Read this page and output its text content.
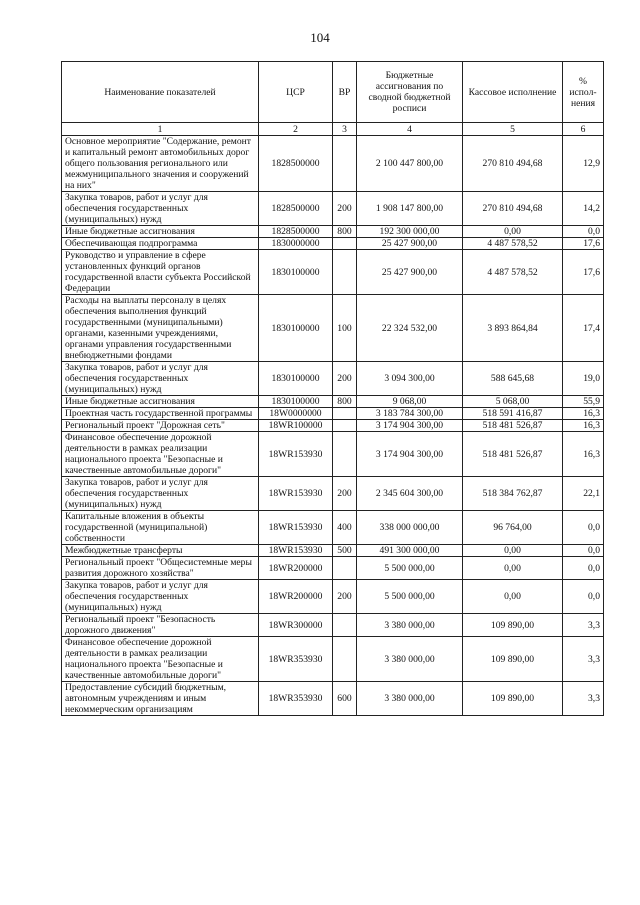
104
Наименование показателей	ЦСР	ВР	Бюджетные ассигнования по сводной бюджетной росписи	Кассовое исполнение	% испол-нения
1	2	3	4	5	6
Основное мероприятие "Содержание, ремонт и капитальный ремонт автомобильных дорог общего пользования регионального или межмуниципального значения и сооружений на них"	1828500000		2 100 447 800,00	270 810 494,68	12,9
Закупка товаров, работ и услуг для обеспечения государственных (муниципальных) нужд	1828500000	200	1 908 147 800,00	270 810 494,68	14,2
Иные бюджетные ассигнования	1828500000	800	192 300 000,00	0,00	0,0
Обеспечивающая подпрограмма	1830000000		25 427 900,00	4 487 578,52	17,6
Руководство и управление в сфере установленных функций органов государственной власти субъекта Российской Федерации	1830100000		25 427 900,00	4 487 578,52	17,6
Расходы на выплаты персоналу в целях обеспечения выполнения функций государственными (муниципальными) органами, казенными учреждениями, органами управления государственными внебюджетными фондами	1830100000	100	22 324 532,00	3 893 864,84	17,4
Закупка товаров, работ и услуг для обеспечения государственных (муниципальных) нужд	1830100000	200	3 094 300,00	588 645,68	19,0
Иные бюджетные ассигнования	1830100000	800	9 068,00	5 068,00	55,9
Проектная часть государственной программы	18W0000000		3 183 784 300,00	518 591 416,87	16,3
Региональный проект "Дорожная сеть"	18WR100000		3 174 904 300,00	518 481 526,87	16,3
Финансовое обеспечение дорожной деятельности в рамках реализации национального проекта "Безопасные и качественные автомобильные дороги"	18WR153930		3 174 904 300,00	518 481 526,87	16,3
Закупка товаров, работ и услуг для обеспечения государственных (муниципальных) нужд	18WR153930	200	2 345 604 300,00	518 384 762,87	22,1
Капитальные вложения в объекты государственной (муниципальной) собственности	18WR153930	400	338 000 000,00	96 764,00	0,0
Межбюджетные трансферты	18WR153930	500	491 300 000,00	0,00	0,0
Региональный проект "Общесистемные меры развития дорожного хозяйства"	18WR200000		5 500 000,00	0,00	0,0
Закупка товаров, работ и услуг для обеспечения государственных (муниципальных) нужд	18WR200000	200	5 500 000,00	0,00	0,0
Региональный проект "Безопасность дорожного движения"	18WR300000		3 380 000,00	109 890,00	3,3
Финансовое обеспечение дорожной деятельности в рамках реализации национального проекта "Безопасные и качественные автомобильные дороги"	18WR353930		3 380 000,00	109 890,00	3,3
Предоставление субсидий бюджетным, автономным учреждениям и иным некоммерческим организациям	18WR353930	600	3 380 000,00	109 890,00	3,3
